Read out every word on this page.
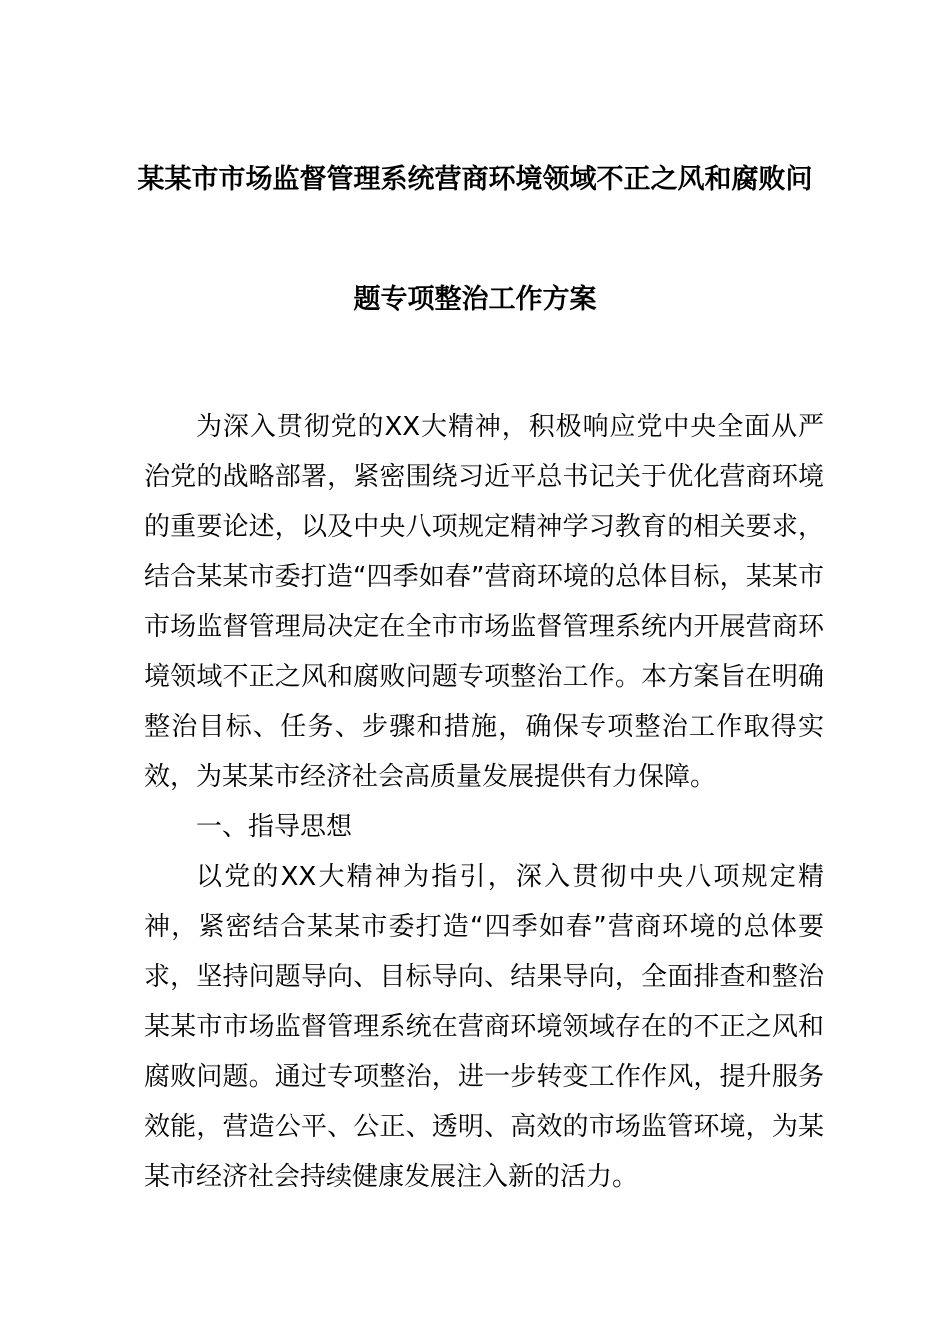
某某市市场监督管理系统营商环境领域不正之风和腐败问
题专项整治工作方案

为深入贯彻党的XX大精神，积极响应党中央全面从严治党的战略部署，紧密围绕习近平总书记关于优化营商环境的重要论述，以及中央八项规定精神学习教育的相关要求，结合某某市委打造“四季如春”营商环境的总体目标，某某市市场监督管理局决定在全市市场监督管理系统内开展营商环境领域不正之风和腐败问题专项整治工作。本方案旨在明确整治目标、任务、步骤和措施，确保专项整治工作取得实效，为某某市经济社会高质量发展提供有力保障。

一、指导思想

以党的XX大精神为指引，深入贯彻中央八项规定精神，紧密结合某某市委打造“四季如春”营商环境的总体要求，坚持问题导向、目标导向、结果导向，全面排查和整治某某市市场监督管理系统在营商环境领域存在的不正之风和腐败问题。通过专项整治，进一步转变工作作风，提升服务效能，营造公平、公正、透明、高效的市场监管环境，为某某市经济社会持续健康发展注入新的活力。
